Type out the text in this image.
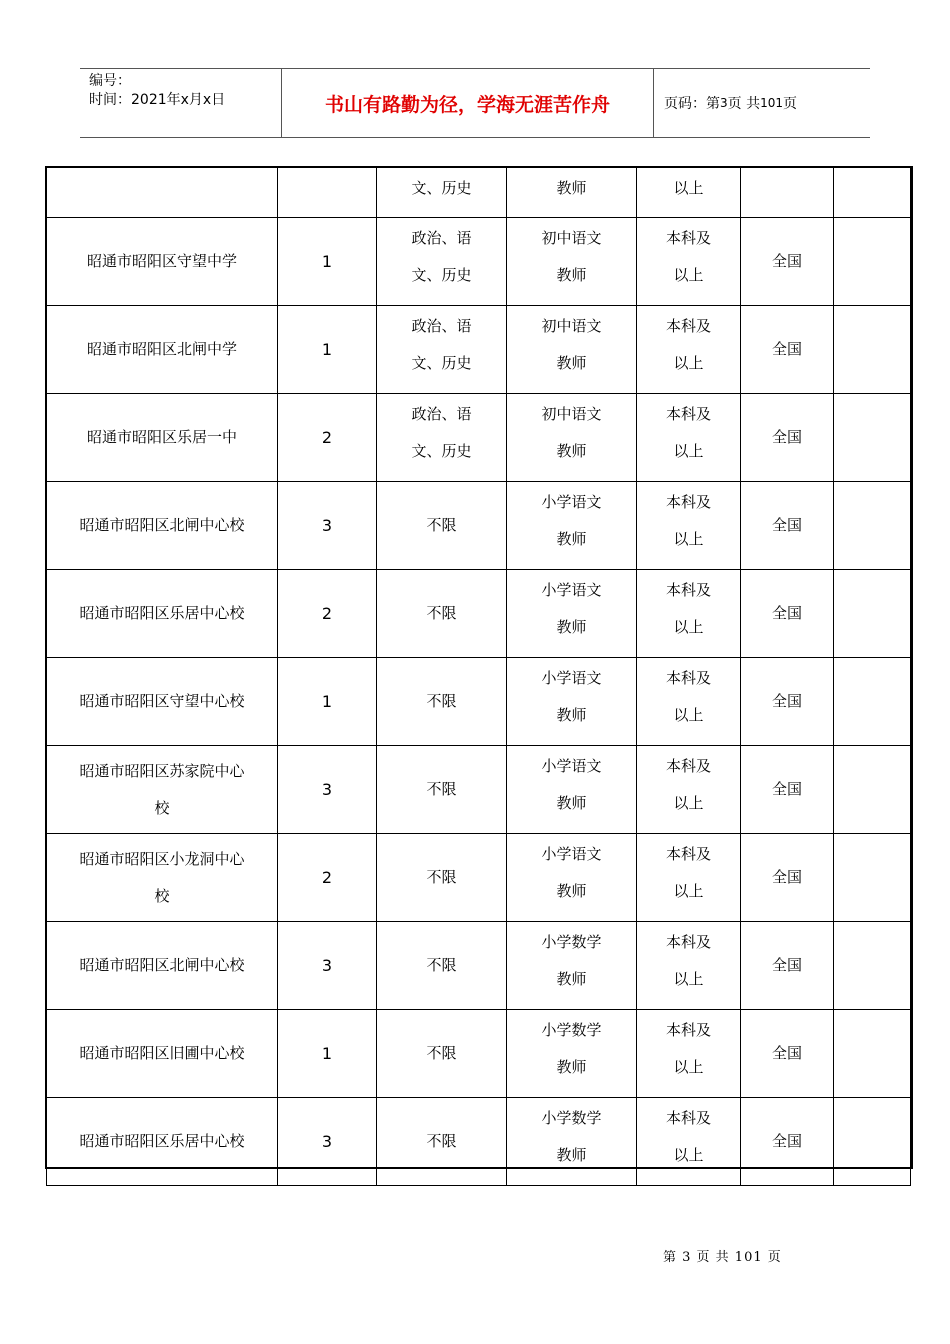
编号：
时间：2021年x月x日	书山有路勤为径，学海无涯苦作舟	页码：第 3 页 共 101 页
		文、历史	教师	以上		
昭通市昭阳区守望中学	1	政治、语文、历史	初中语文教师	本科及以上	全国	
昭通市昭阳区北闸中学	1	政治、语文、历史	初中语文教师	本科及以上	全国	
昭通市昭阳区乐居一中	2	政治、语文、历史	初中语文教师	本科及以上	全国	
昭通市昭阳区北闸中心校	3	不限	小学语文教师	本科及以上	全国	
昭通市昭阳区乐居中心校	2	不限	小学语文教师	本科及以上	全国	
昭通市昭阳区守望中心校	1	不限	小学语文教师	本科及以上	全国	
昭通市昭阳区苏家院中心校	3	不限	小学语文教师	本科及以上	全国	
昭通市昭阳区小龙洞中心校	2	不限	小学语文教师	本科及以上	全国	
昭通市昭阳区北闸中心校	3	不限	小学数学教师	本科及以上	全国	
昭通市昭阳区旧圃中心校	1	不限	小学数学教师	本科及以上	全国	
昭通市昭阳区乐居中心校	3	不限	小学数学教师	本科及以上	全国	
第 3 页 共 101 页
